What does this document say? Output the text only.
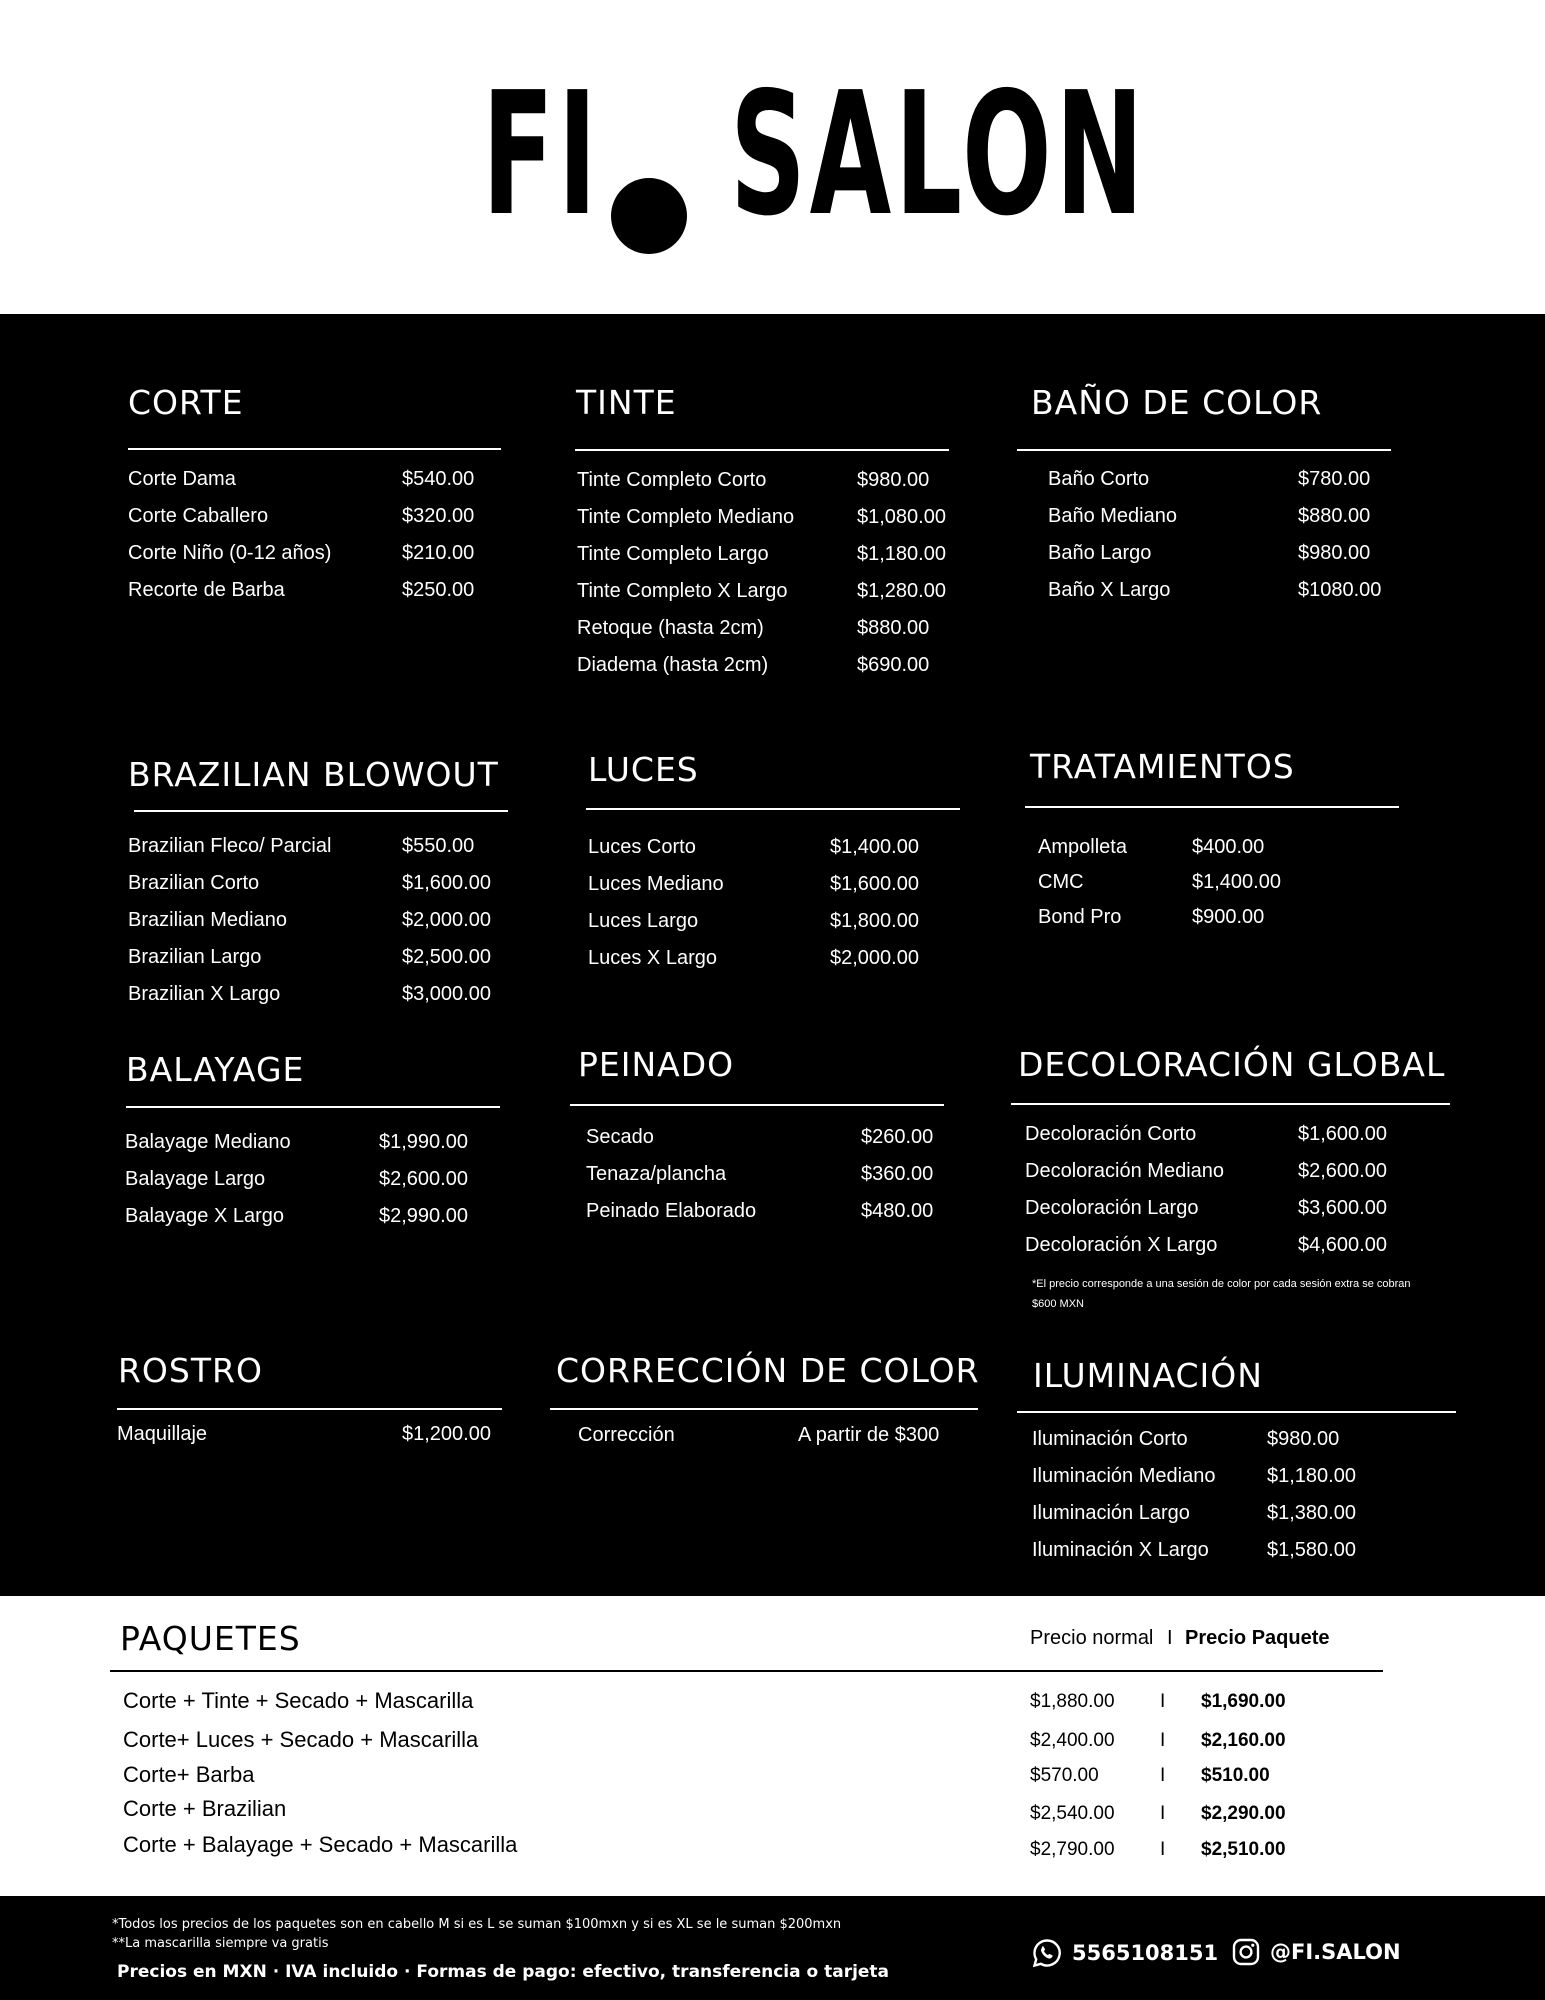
FI SALON
CORTE
Corte Dama	$540.00
Corte Caballero	$320.00
Corte Niño (0-12 años)	$210.00
Recorte de Barba	$250.00
TINTE
Tinte Completo Corto	$980.00
Tinte Completo Mediano	$1,080.00
Tinte Completo Largo	$1,180.00
Tinte Completo X Largo	$1,280.00
Retoque (hasta 2cm)	$880.00
Diadema (hasta 2cm)	$690.00
BAÑO DE COLOR
Baño Corto	$780.00
Baño Mediano	$880.00
Baño Largo	$980.00
Baño X Largo	$1080.00
BRAZILIAN BLOWOUT
Brazilian Fleco/ Parcial	$550.00
Brazilian Corto	$1,600.00
Brazilian Mediano	$2,000.00
Brazilian Largo	$2,500.00
Brazilian X Largo	$3,000.00
LUCES
Luces Corto	$1,400.00
Luces Mediano	$1,600.00
Luces Largo	$1,800.00
Luces X Largo	$2,000.00
TRATAMIENTOS
Ampolleta	$400.00
CMC	$1,400.00
Bond Pro	$900.00
BALAYAGE
Balayage Mediano	$1,990.00
Balayage Largo	$2,600.00
Balayage X Largo	$2,990.00
PEINADO
Secado	$260.00
Tenaza/plancha	$360.00
Peinado Elaborado	$480.00
DECOLORACIÓN GLOBAL
Decoloración Corto	$1,600.00
Decoloración Mediano	$2,600.00
Decoloración Largo	$3,600.00
Decoloración X Largo	$4,600.00
*El precio corresponde a una sesión de color por cada sesión extra se cobran $600 MXN
ROSTRO
Maquillaje	$1,200.00
CORRECCIÓN DE COLOR
Corrección	A partir de $300
ILUMINACIÓN
Iluminación Corto	$980.00
Iluminación Mediano	$1,180.00
Iluminación Largo	$1,380.00
Iluminación X Largo	$1,580.00
PAQUETES	Precio normal I Precio Paquete
Corte + Tinte + Secado + Mascarilla	$1,880.00 I $1,690.00
Corte+ Luces + Secado + Mascarilla	$2,400.00 I $2,160.00
Corte+ Barba	$570.00	I $510.00
Corte + Brazilian	$2,540.00 I $2,290.00
Corte + Balayage + Secado + Mascarilla	$2,790.00 I $2,510.00
*Todos los precios de los paquetes son en cabello M si es L se suman $100mxn y si es XL se le suman $200mxn
**La mascarilla siempre va gratis
Precios en MXN · IVA incluido · Formas de pago: efectivo, transferencia o tarjeta
5565108151 @FI.SALON
